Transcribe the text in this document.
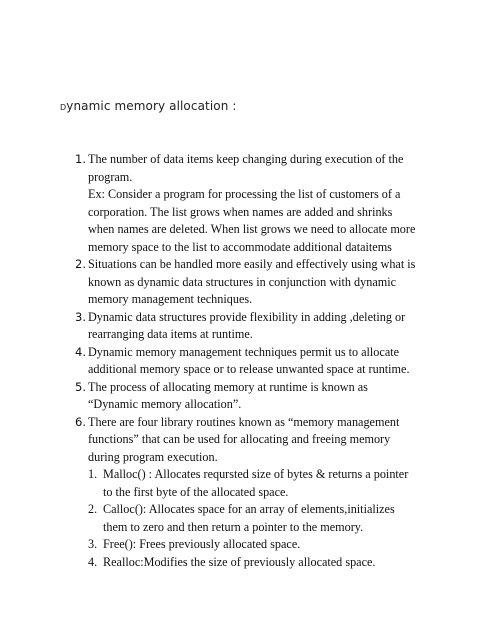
Dynamic memory allocation :
1. The number of data items keep changing during execution of the
program.
Ex: Consider a program for processing the list of customers of a
corporation. The list grows when names are added and shrinks
when names are deleted. When list grows we need to allocate more
memory space to the list to accommodate additional dataitems
2. Situations can be handled more easily and effectively using what is
known as dynamic data structures in conjunction with dynamic
memory management techniques.
3. Dynamic data structures provide flexibility in adding ,deleting or
rearranging data items at runtime.
4. Dynamic memory management techniques permit us to allocate
additional memory space or to release unwanted space at runtime.
5. The process of allocating memory at runtime is known as
“Dynamic memory allocation”.
6. There are four library routines known as “memory management
functions” that can be used for allocating and freeing memory
during program execution.
1. Malloc() : Allocates reqursted size of bytes & returns a pointer
to the first byte of the allocated space.
2. Calloc(): Allocates space for an array of elements,initializes
them to zero and then return a pointer to the memory.
3. Free(): Frees previously allocated space.
4. Realloc:Modifies the size of previously allocated space.
